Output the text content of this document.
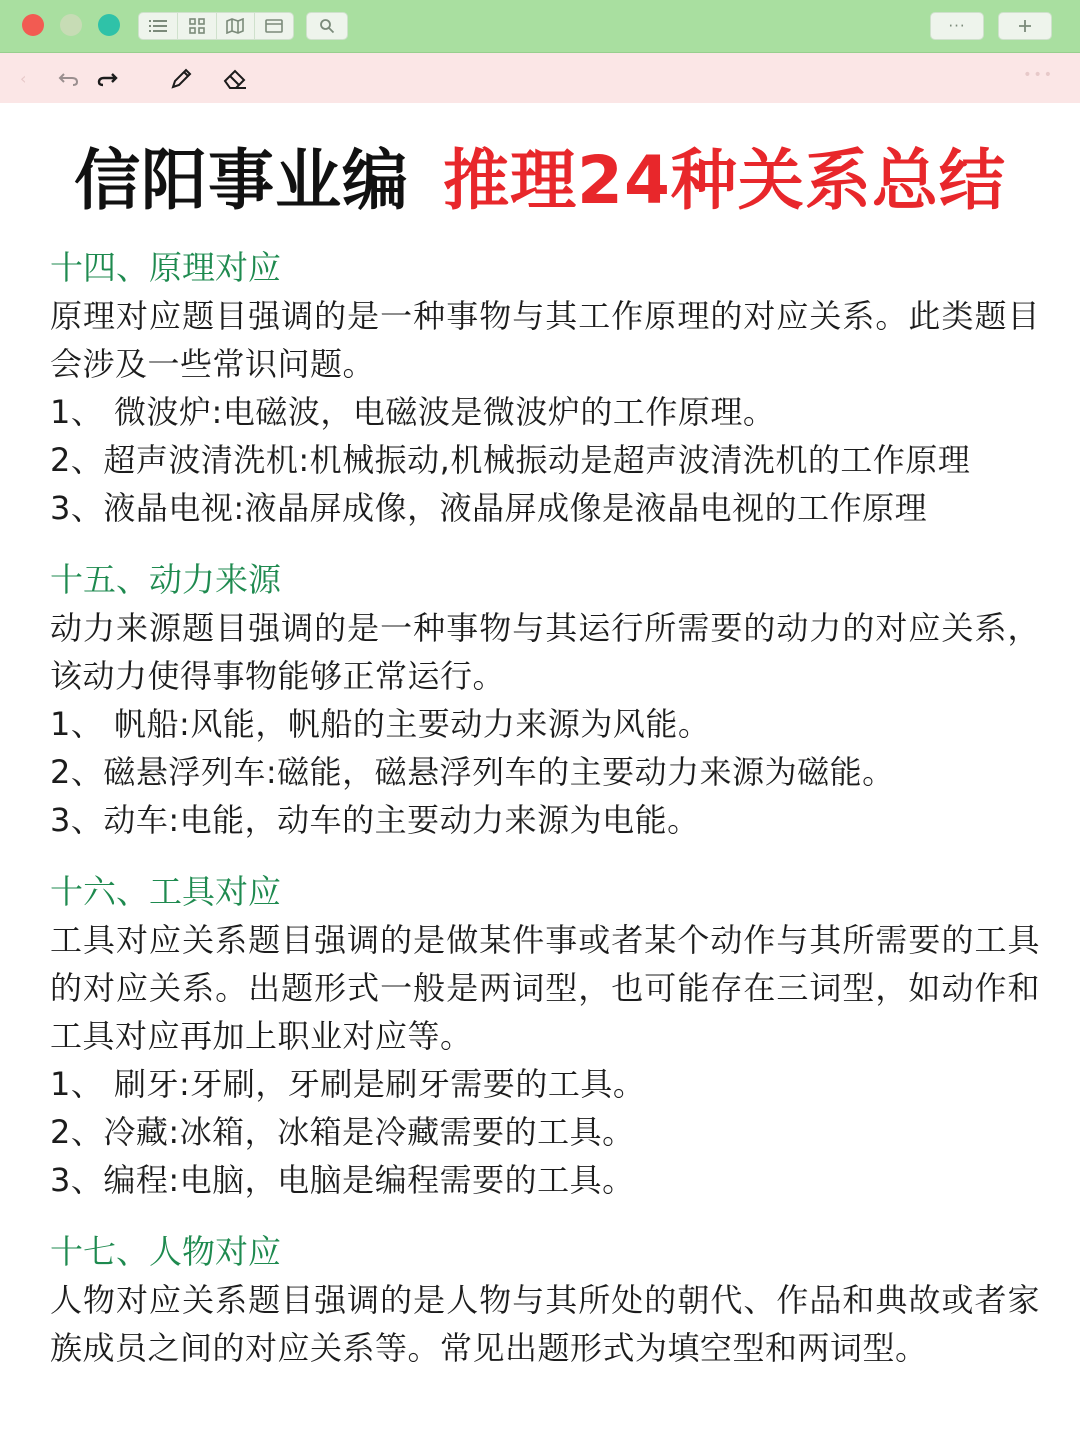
···
‹	•••
信阳事业编 推理24种关系总结
十四、原理对应
原理对应题目强调的是一种事物与其工作原理的对应关系。此类题目会涉及一些常识问题。
1、 微波炉:电磁波，电磁波是微波炉的工作原理。
2、超声波清洗机:机械振动,机械振动是超声波清洗机的工作原理
3、液晶电视:液晶屏成像，液晶屏成像是液晶电视的工作原理
十五、动力来源
动力来源题目强调的是一种事物与其运行所需要的动力的对应关系，该动力使得事物能够正常运行。
1、 帆船:风能，帆船的主要动力来源为风能。
2、磁悬浮列车:磁能，磁悬浮列车的主要动力来源为磁能。
3、动车:电能，动车的主要动力来源为电能。
十六、工具对应
工具对应关系题目强调的是做某件事或者某个动作与其所需要的工具的对应关系。出题形式一般是两词型，也可能存在三词型，如动作和工具对应再加上职业对应等。
1、 刷牙:牙刷，牙刷是刷牙需要的工具。
2、冷藏:冰箱，冰箱是冷藏需要的工具。
3、编程:电脑，电脑是编程需要的工具。
十七、人物对应
人物对应关系题目强调的是人物与其所处的朝代、作品和典故或者家族成员之间的对应关系等。常见出题形式为填空型和两词型。
